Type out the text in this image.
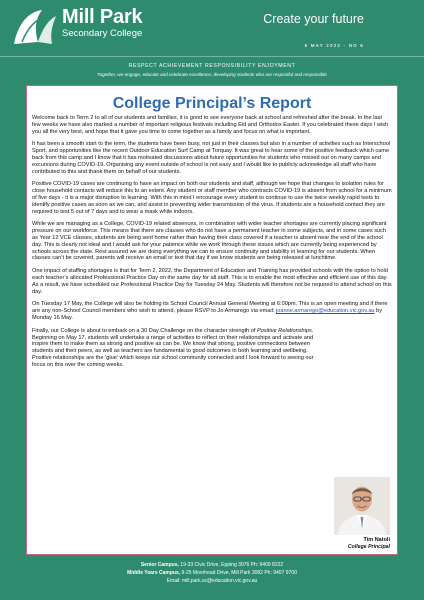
Mill Park
Secondary College
Create your future
6 MAY 2022 - NO 6
RESPECT ACHIEVEMENT RESPONSIBILITY ENJOYMENT
Together, we engage, educate and celebrate excellence, developing students who are respectful and responsible
College Principal’s Report

Welcome back to Term 2 to all of our students and families, it is good to see everyone back at school and refreshed after the break. In the last few weeks we have also marked a number of important religious festivals including Eid and Orthodox Easter. If you celebrated these days I wish you all the very best, and hope that it gave you time to come together as a family and focus on what is important.

It has been a smooth start to the term, the students have been busy, not just in their classes but also in a number of activities such as Interschool Sport, and opportunities like the recent Outdoor Education Surf Camp at Torquay. It was great to hear some of the positive feedback which came back from this camp and I know that it has motivated discussions about future opportunities for students who missed out on many camps and excursions during COVID-19. Organising any event outside of school is not easy and I would like to publicly acknowledge all staff who have contributed to this and thank them on behalf of our students.

Positive COVID-19 cases are continuing to have an impact on both our students and staff, although we hope that changes to isolation rules for close household contacts will reduce this to an extent. Any student or staff member who contracts COVID-19 is absent from school for a minimum of five days - it is a major disruption to learning. With this in mind I encourage every student to continue to use the twice weekly rapid tests to identify positive cases as soon as we can, and assist in preventing wider transmission of the virus. If students are a household contact they are required to test 5 out of 7 days and to wear a mask while indoors.

While we are managing as a College, COVID-19 related absences, in combination with wider teacher shortages are currently placing significant pressure on our workforce. This means that there are classes who do not have a permanent teacher in some subjects, and in some cases such as Year 12 VCE classes, students are being sent home rather than having their class covered if a teacher is absent near the end of the school day. This is clearly not ideal and I would ask for your patience while we work through these issues which are currently being experienced by schools across the state. Rest assured we are doing everything we can to ensure continuity and stability in learning for our students. When classes can’t be covered, parents will receive an email or text that day if we know students are being released at lunchtime.

One impact of staffing shortages is that for Term 2, 2022, the Department of Education and Training has provided schools with the option to hold each teacher’s allocated Professional Practice Day on the same day for all staff. This is to enable the most effective and efficient use of this day. As a result, we have scheduled our Professional Practice Day for Tuesday 24 May. Students will therefore not be required to attend school on this day.

On Tuesday 17 May, the College will also be holding its School Council Annual General Meeting at 6:00pm. This is an open meeting and if there are any non-School Council members who wish to attend, please RSVP to Jo Armarego via email: joanne.armarego@education.vic.gov.au by Monday 16 May.

Finally, our College is about to embark on a 30 Day Challenge on the character strength of Positive Relationships. Beginning on May 17, students will undertake a range of activities to reflect on their relationships and activate and inspire them to make them as strong and positive as can be. We know that strong, positive connections between students and their peers, as well as teachers are fundamental to good outcomes in both learning and wellbeing. Positive relationships are the ‘glue’ which keeps our school community connected and I look forward to seeing our focus on this over the coming weeks.

Tim Natoli
College Principal
Senior Campus, 19-33 Civic Drive, Epping 3076 Ph: 9409 8222
Middle Years Campus, 9-25 Moorhead Drive, Mill Park 3082 Ph: 9407 9700
Email: mill.park.sc@education.vic.gov.au
